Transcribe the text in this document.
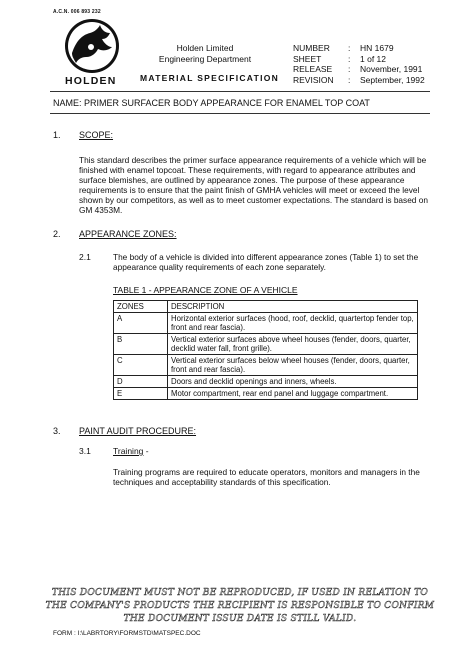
A.C.N. 006 893 232
HOLDEN
Holden Limited
Engineering Department
MATERIAL SPECIFICATION
NUMBER	:	HN 1679
SHEET	:	1 of 12
RELEASE	:	November, 1991
REVISION	:	September, 1992
NAME: PRIMER SURFACER BODY APPEARANCE FOR ENAMEL TOP COAT
1. SCOPE:
This standard describes the primer surface appearance requirements of a vehicle which will be finished with enamel topcoat. These requirements, with regard to appearance attributes and surface blemishes, are outlined by appearance zones. The purpose of these appearance requirements is to ensure that the paint finish of GMHA vehicles will meet or exceed the level shown by our competitors, as well as to meet customer expectations. The standard is based on GM 4353M.
2. APPEARANCE ZONES:
2.1	The body of a vehicle is divided into different appearance zones (Table 1) to set the appearance quality requirements of each zone separately.
TABLE 1 - APPEARANCE ZONE OF A VEHICLE
ZONES	DESCRIPTION
A	Horizontal exterior surfaces (hood, roof, decklid, quartertop fender top, front and rear fascia).
B	Vertical exterior surfaces above wheel houses (fender, doors, quarter, decklid water fall, front grille).
C	Vertical exterior surfaces below wheel houses (fender, doors, quarter, front and rear fascia).
D	Doors and decklid openings and inners, wheels.
E	Motor compartment, rear end panel and luggage compartment.
3. PAINT AUDIT PROCEDURE:
3.1	Training -
Training programs are required to educate operators, monitors and managers in the techniques and acceptability standards of this specification.
THIS DOCUMENT MUST NOT BE REPRODUCED, IF USED IN RELATION TO THE COMPANY'S PRODUCTS THE RECIPIENT IS RESPONSIBLE TO CONFIRM THE DOCUMENT ISSUE DATE IS STILL VALID.
FORM : I:\LABRTORY\FORMSTD\MATSPEC.DOC
